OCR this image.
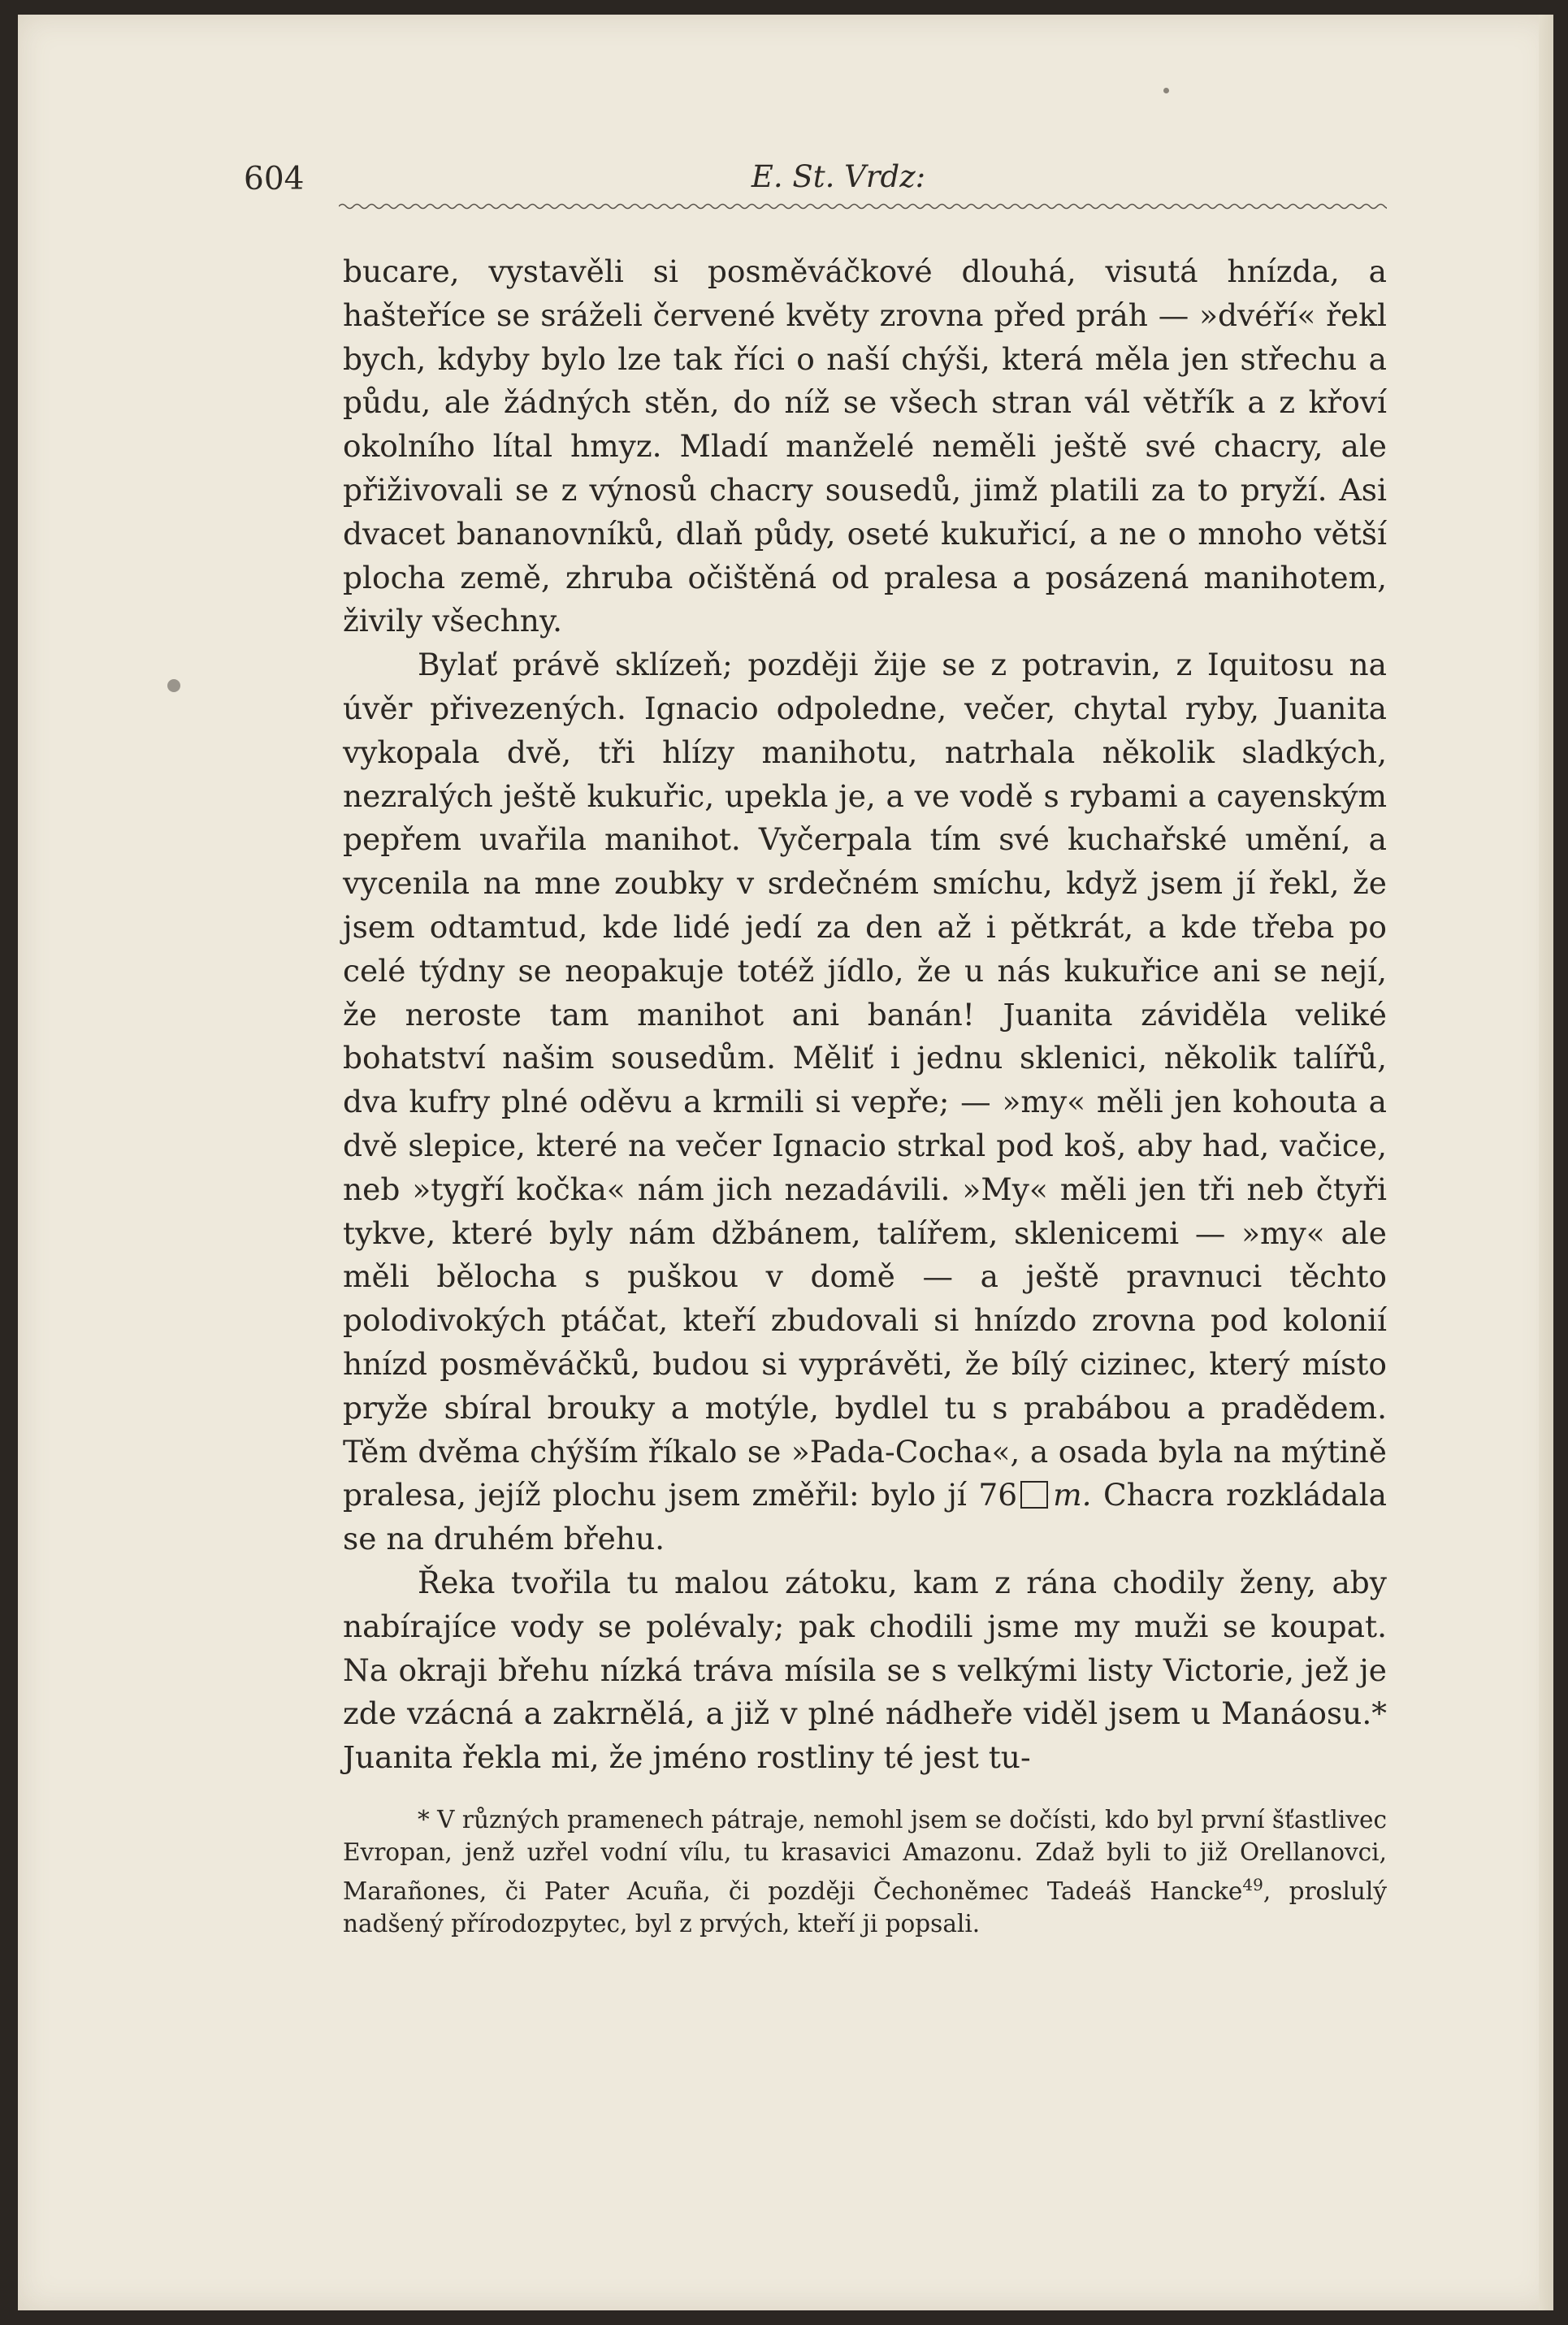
604	E. St. Vrdz:

bucare, vystavěli si posměváčkové dlouhá, visutá hnízda, a hašteříce se sráželi červené květy zrovna před práh — »dvéří« řekl bych, kdyby bylo lze tak říci o naší chýši, která měla jen střechu a půdu, ale žádných stěn, do níž se všech stran vál větřík a z křoví okolního lítal hmyz. Mladí manželé neměli ještě své chacry, ale přiživovali se z výnosů chacry sousedů, jimž platili za to pryží. Asi dvacet bananovníků, dlaň půdy, oseté kukuřicí, a ne o mnoho větší plocha země, zhruba očištěná od pralesa a posázená manihotem, živily všechny.

Bylať právě sklízeň; později žije se z potravin, z Iquitosu na úvěr přivezených. Ignacio odpoledne, večer, chytal ryby, Juanita vykopala dvě, tři hlízy manihotu, natrhala několik sladkých, nezralých ještě kukuřic, upekla je, a ve vodě s rybami a cayenským pepřem uvařila manihot. Vyčerpala tím své kuchařské umění, a vycenila na mne zoubky v srdečném smíchu, když jsem jí řekl, že jsem odtamtud, kde lidé jedí za den až i pětkrát, a kde třeba po celé týdny se neopakuje totéž jídlo, že u nás kukuřice ani se nejí, že neroste tam manihot ani banán! Juanita záviděla veliké bohatství našim sousedům. Měliť i jednu sklenici, několik talířů, dva kufry plné oděvu a krmili si vepře; — »my« měli jen kohouta a dvě slepice, které na večer Ignacio strkal pod koš, aby had, vačice, neb »tygří kočka« nám jich nezadávili. »My« měli jen tři neb čtyři tykve, které byly nám džbánem, talířem, sklenicemi — »my« ale měli bělocha s puškou v domě — a ještě pravnuci těchto polodivokých ptáčat, kteří zbudovali si hnízdo zrovna pod kolonií hnízd posměváčků, budou si vyprávěti, že bílý cizinec, který místo pryže sbíral brouky a motýle, bydlel tu s prabábou a pradědem. Těm dvěma chýším říkalo se »Pada-Cocha«, a osada byla na mýtině pralesa, jejíž plochu jsem změřil: bylo jí 76 m. Chacra rozkládala se na druhém břehu.

Řeka tvořila tu malou zátoku, kam z rána chodily ženy, aby nabírajíce vody se polévaly; pak chodili jsme my muži se koupat. Na okraji břehu nízká tráva mísila se s velkými listy Victorie, jež je zde vzácná a zakrnělá, a již v plné nádheře viděl jsem u Manáosu.* Juanita řekla mi, že jméno rostliny té jest tu-

* V různých pramenech pátraje, nemohl jsem se dočísti, kdo byl první šťastlivec Evropan, jenž uzřel vodní vílu, tu krasavici Amazonu. Zdaž byli to již Orellanovci, Marañones, či Pater Acuña, či později Čechoněmec Tadeáš Hancke$^{49}$, proslulý nadšený přírodozpytec, byl z prvých, kteří ji popsali.
